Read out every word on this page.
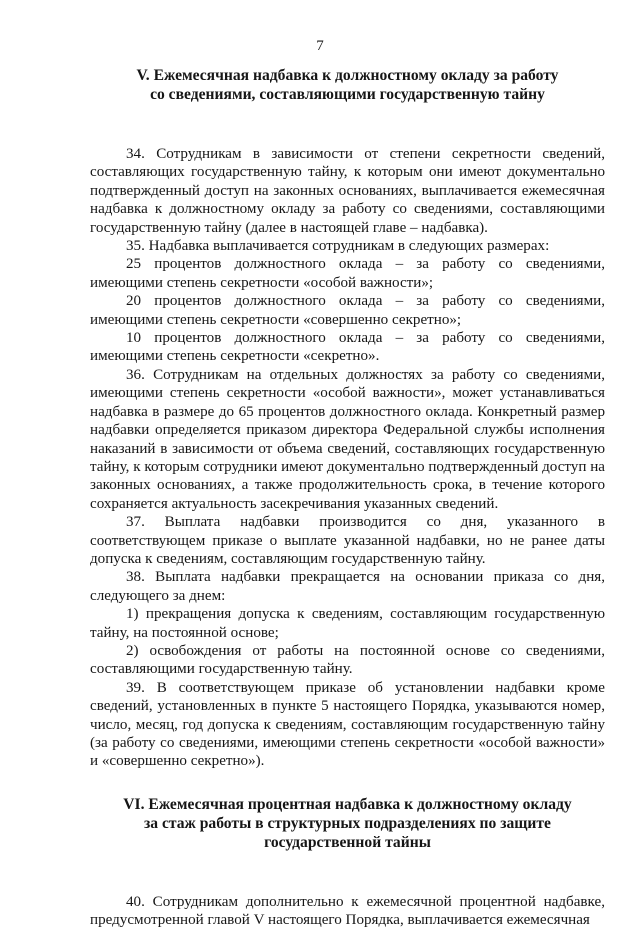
7
V. Ежемесячная надбавка к должностному окладу за работу
со сведениями, составляющими государственную тайну

34. Сотрудникам в зависимости от степени секретности сведений, составляющих государственную тайну, к которым они имеют документально подтвержденный доступ на законных основаниях, выплачивается ежемесячная надбавка к должностному окладу за работу со сведениями, составляющими государственную тайну (далее в настоящей главе – надбавка).

35. Надбавка выплачивается сотрудникам в следующих размерах:

25 процентов должностного оклада – за работу со сведениями, имеющими степень секретности «особой важности»;

20 процентов должностного оклада – за работу со сведениями, имеющими степень секретности «совершенно секретно»;

10 процентов должностного оклада – за работу со сведениями, имеющими степень секретности «секретно».

36. Сотрудникам на отдельных должностях за работу со сведениями, имеющими степень секретности «особой важности», может устанавливаться надбавка в размере до 65 процентов должностного оклада. Конкретный размер надбавки определяется приказом директора Федеральной службы исполнения наказаний в зависимости от объема сведений, составляющих государственную тайну, к которым сотрудники имеют документально подтвержденный доступ на законных основаниях, а также продолжительность срока, в течение которого сохраняется актуальность засекречивания указанных сведений.

37. Выплата надбавки производится со дня, указанного в соответствующем приказе о выплате указанной надбавки, но не ранее даты допуска к сведениям, составляющим государственную тайну.

38. Выплата надбавки прекращается на основании приказа со дня, следующего за днем:

1) прекращения допуска к сведениям, составляющим государственную тайну, на постоянной основе;

2) освобождения от работы на постоянной основе со сведениями, составляющими государственную тайну.

39. В соответствующем приказе об установлении надбавки кроме сведений, установленных в пункте 5 настоящего Порядка, указываются номер, число, месяц, год допуска к сведениям, составляющим государственную тайну (за работу со сведениями, имеющими степень секретности «особой важности» и «совершенно секретно»).

VI. Ежемесячная процентная надбавка к должностному окладу
за стаж работы в структурных подразделениях по защите
государственной тайны

40. Сотрудникам дополнительно к ежемесячной процентной надбавке, предусмотренной главой V настоящего Порядка, выплачивается ежемесячная
